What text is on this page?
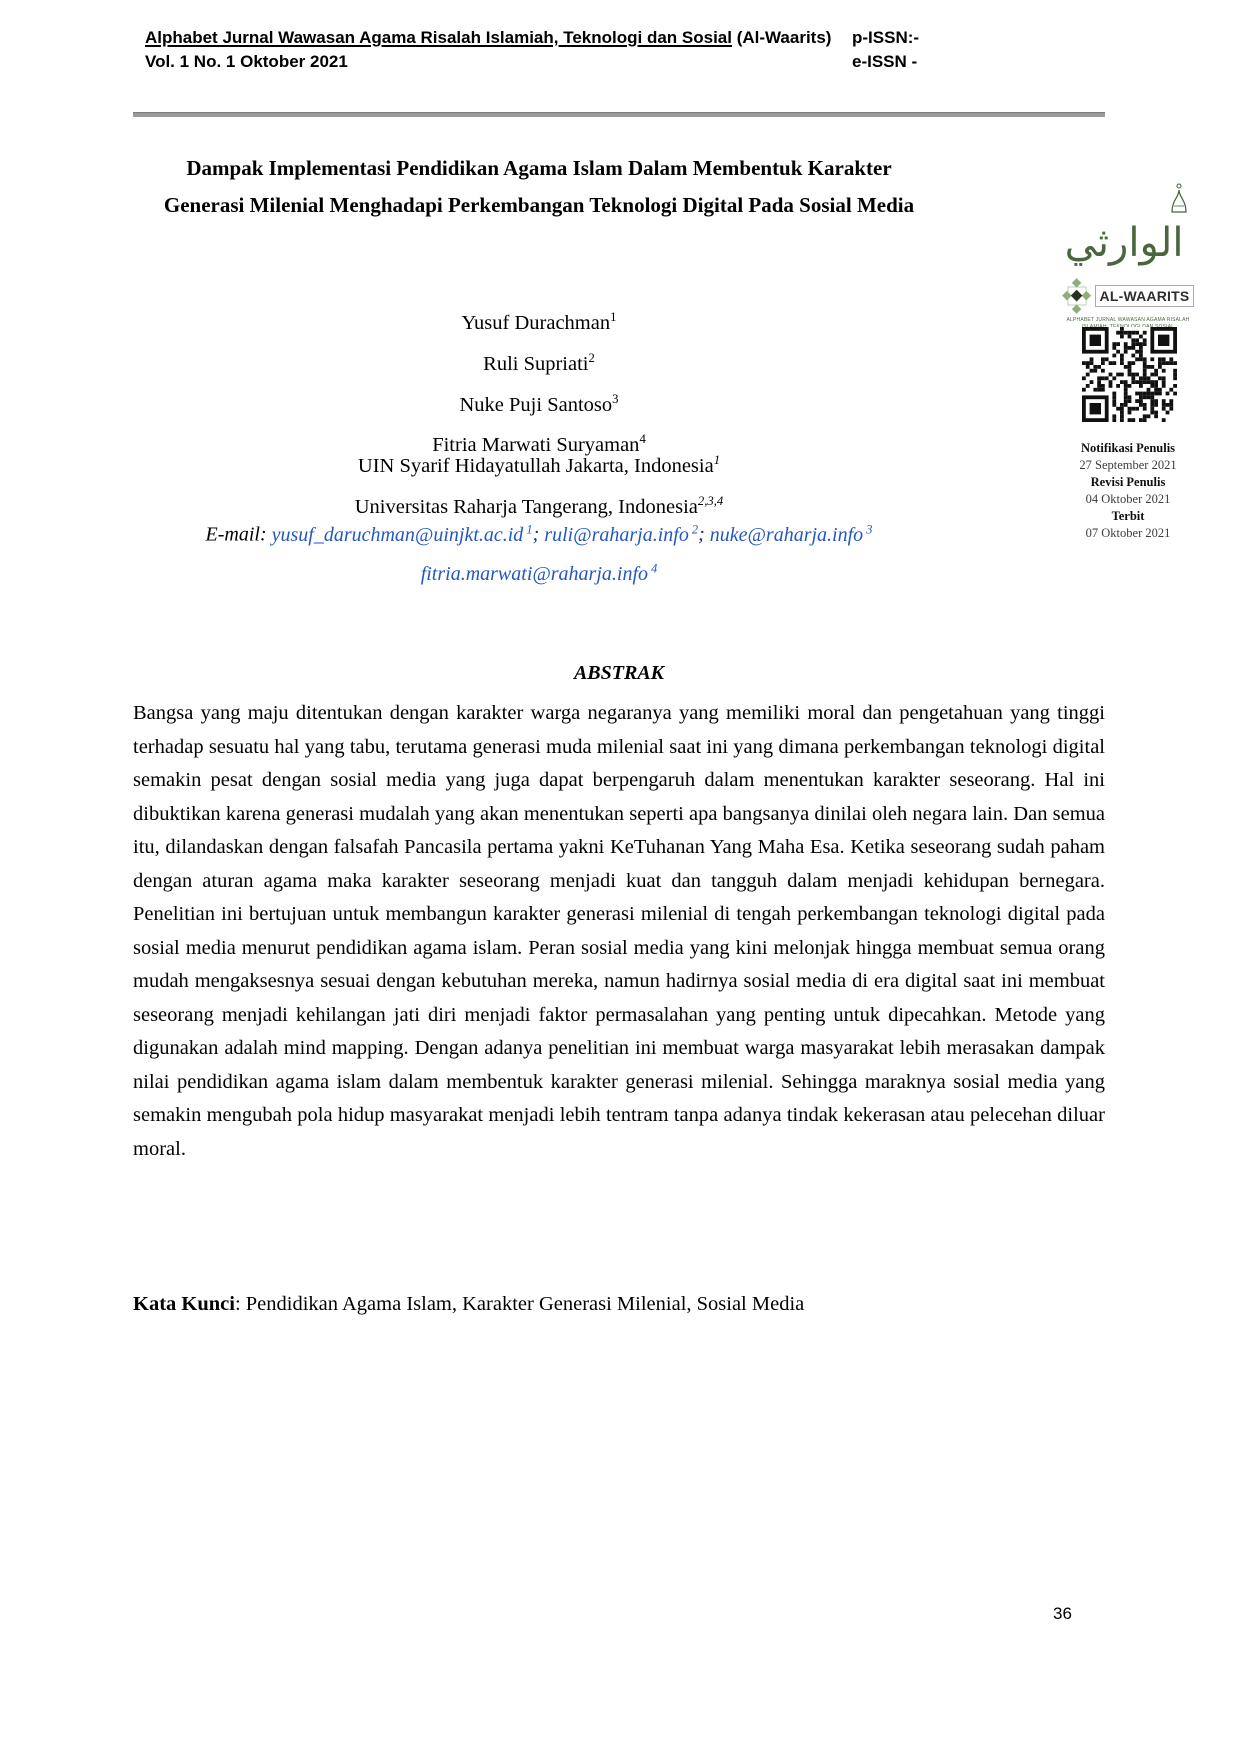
Alphabet Jurnal Wawasan Agama Risalah Islamiah, Teknologi dan Sosial (Al-Waarits)
Vol. 1 No. 1 Oktober 2021
p-ISSN:-
e-ISSN -
Dampak Implementasi Pendidikan Agama Islam Dalam Membentuk Karakter
Generasi Milenial Menghadapi Perkembangan Teknologi Digital Pada Sosial Media
Yusuf Durachman$^1$
Ruli Supriati$^2$
Nuke Puji Santoso$^3$
Fitria Marwati Suryaman$^4$
UIN Syarif Hidayatullah Jakarta, Indonesia$^1$
Universitas Raharja Tangerang, Indonesia$^{2,3,4}$
E-mail: yusuf_daruchman@uinjkt.ac.id $^1$; ruli@raharja.info $^2$; nuke@raharja.info $^3$
fitria.marwati@raharja.info $^4$
الوارثي
AL-WAARITS
ALPHABET JURNAL WAWASAN AGAMA RISALAH
Notifikasi Penulis
27 September 2021
Revisi Penulis
04 Oktober 2021
Terbit
07 Oktober 2021
ABSTRAK
Bangsa yang maju ditentukan dengan karakter warga negaranya yang memiliki moral dan pengetahuan yang tinggi terhadap sesuatu hal yang tabu, terutama generasi muda milenial saat ini yang dimana perkembangan teknologi digital semakin pesat dengan sosial media yang juga dapat berpengaruh dalam menentukan karakter seseorang. Hal ini dibuktikan karena generasi mudalah yang akan menentukan seperti apa bangsanya dinilai oleh negara lain. Dan semua itu, dilandaskan dengan falsafah Pancasila pertama yakni KeTuhanan Yang Maha Esa. Ketika seseorang sudah paham dengan aturan agama maka karakter seseorang menjadi kuat dan tangguh dalam menjadi kehidupan bernegara. Penelitian ini bertujuan untuk membangun karakter generasi milenial di tengah perkembangan teknologi digital pada sosial media menurut pendidikan agama islam. Peran sosial media yang kini melonjak hingga membuat semua orang mudah mengaksesnya sesuai dengan kebutuhan mereka, namun hadirnya sosial media di era digital saat ini membuat seseorang menjadi kehilangan jati diri menjadi faktor permasalahan yang penting untuk dipecahkan. Metode yang digunakan adalah mind mapping. Dengan adanya penelitian ini membuat warga masyarakat lebih merasakan dampak nilai pendidikan agama islam dalam membentuk karakter generasi milenial. Sehingga maraknya sosial media yang semakin mengubah pola hidup masyarakat menjadi lebih tentram tanpa adanya tindak kekerasan atau pelecehan diluar moral.
Kata Kunci: Pendidikan Agama Islam, Karakter Generasi Milenial, Sosial Media
36
